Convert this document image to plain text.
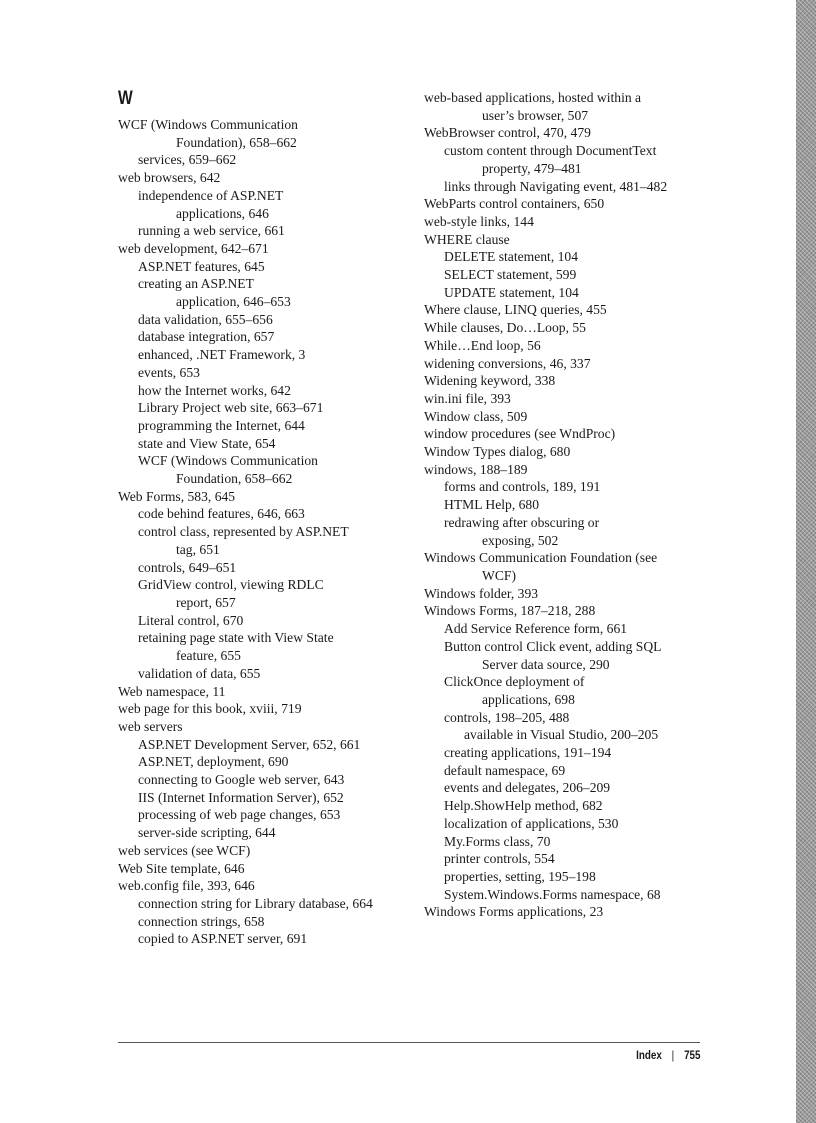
W
WCF (Windows Communication
Foundation), 658–662
services, 659–662
web browsers, 642
independence of ASP.NET
applications, 646
running a web service, 661
web development, 642–671
ASP.NET features, 645
creating an ASP.NET
application, 646–653
data validation, 655–656
database integration, 657
enhanced, .NET Framework, 3
events, 653
how the Internet works, 642
Library Project web site, 663–671
programming the Internet, 644
state and View State, 654
WCF (Windows Communication
Foundation, 658–662
Web Forms, 583, 645
code behind features, 646, 663
control class, represented by ASP.NET
tag, 651
controls, 649–651
GridView control, viewing RDLC
report, 657
Literal control, 670
retaining page state with View State
feature, 655
validation of data, 655
Web namespace, 11
web page for this book, xviii, 719
web servers
ASP.NET Development Server, 652, 661
ASP.NET, deployment, 690
connecting to Google web server, 643
IIS (Internet Information Server), 652
processing of web page changes, 653
server-side scripting, 644
web services (see WCF)
Web Site template, 646
web.config file, 393, 646
connection string for Library database, 664
connection strings, 658
copied to ASP.NET server, 691
web-based applications, hosted within a
user’s browser, 507
WebBrowser control, 470, 479
custom content through DocumentText
property, 479–481
links through Navigating event, 481–482
WebParts control containers, 650
web-style links, 144
WHERE clause
DELETE statement, 104
SELECT statement, 599
UPDATE statement, 104
Where clause, LINQ queries, 455
While clauses, Do…Loop, 55
While…End loop, 56
widening conversions, 46, 337
Widening keyword, 338
win.ini file, 393
Window class, 509
window procedures (see WndProc)
Window Types dialog, 680
windows, 188–189
forms and controls, 189, 191
HTML Help, 680
redrawing after obscuring or
exposing, 502
Windows Communication Foundation (see
WCF)
Windows folder, 393
Windows Forms, 187–218, 288
Add Service Reference form, 661
Button control Click event, adding SQL
Server data source, 290
ClickOnce deployment of
applications, 698
controls, 198–205, 488
available in Visual Studio, 200–205
creating applications, 191–194
default namespace, 69
events and delegates, 206–209
Help.ShowHelp method, 682
localization of applications, 530
My.Forms class, 70
printer controls, 554
properties, setting, 195–198
System.Windows.Forms namespace, 68
Windows Forms applications, 23
Index | 755
